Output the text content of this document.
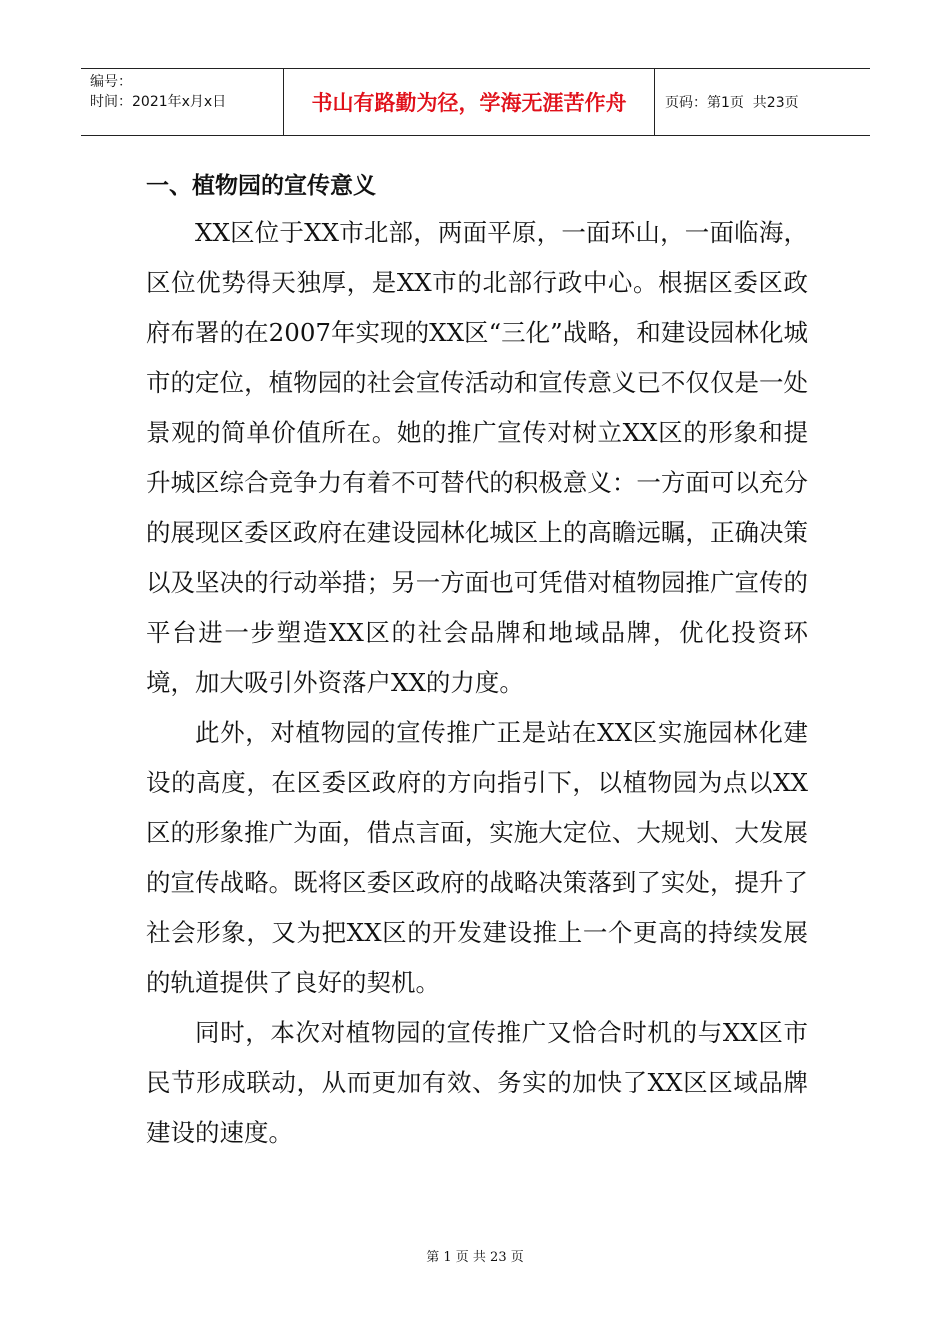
编号：
时间：2021年x月x日	书山有路勤为径，学海无涯苦作舟	页码：第1页  共23页
一、植物园的宣传意义

XX区位于XX市北部，两面平原，一面环山，一面临海，区位优势得天独厚，是XX市的北部行政中心。根据区委区政府布署的在2007年实现的XX区“三化”战略，和建设园林化城市的定位，植物园的社会宣传活动和宣传意义已不仅仅是一处景观的简单价值所在。她的推广宣传对树立XX区的形象和提升城区综合竞争力有着不可替代的积极意义：一方面可以充分的展现区委区政府在建设园林化城区上的高瞻远瞩，正确决策以及坚决的行动举措；另一方面也可凭借对植物园推广宣传的平台进一步塑造XX区的社会品牌和地域品牌，优化投资环境，加大吸引外资落户XX的力度。

此外，对植物园的宣传推广正是站在XX区实施园林化建设的高度，在区委区政府的方向指引下，以植物园为点以XX区的形象推广为面，借点言面，实施大定位、大规划、大发展的宣传战略。既将区委区政府的战略决策落到了实处，提升了社会形象，又为把XX区的开发建设推上一个更高的持续发展的轨道提供了良好的契机。

同时，本次对植物园的宣传推广又恰合时机的与XX区市民节形成联动，从而更加有效、务实的加快了XX区区域品牌建设的速度。

第 1 页 共 23 页
